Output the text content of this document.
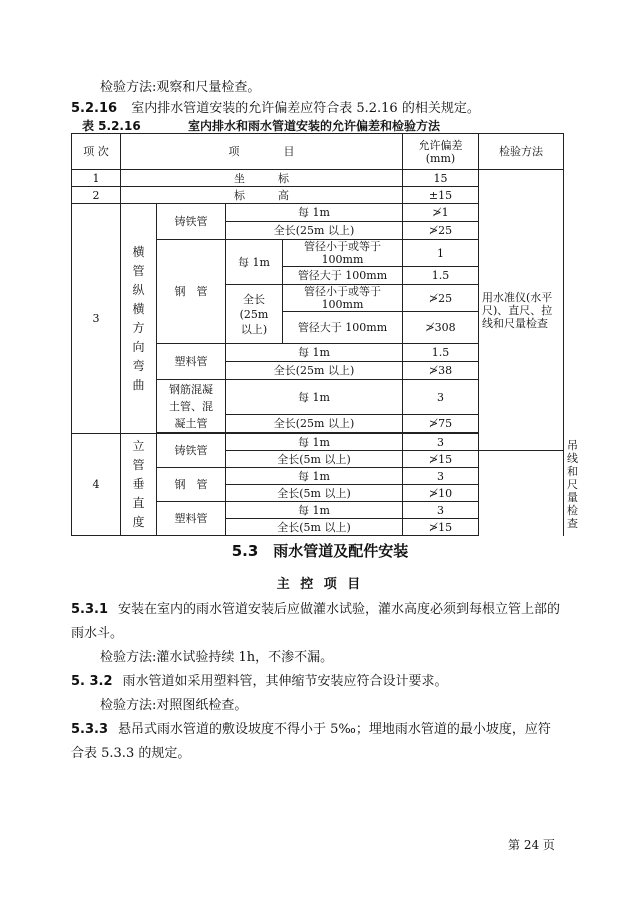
检验方法:观察和尺量检查。
5.2.16 室内排水管道安装的允许偏差应符合表 5.2.16 的相关规定。
表 5.2.16	室内排水和雨水管道安装的允许偏差和检验方法
项 次	项　　　　目				允许偏差 (mm)	检验方法	
1	坐　　　标				15	用水准仪(水平尺)、直尺、拉线和尺量检查	

2	标　　　高				±15		
3	横管纵横方向弯曲	铸铁管	每 1m		≯1		
			全长(25m 以上)		≯25		
		钢　管	每 1m	管径小于或等于 100mm	1		
				管径大于 100mm	1.5		

			全长 (25m 以上)	管径小于或等于 100mm	≯25		
				管径大于 100mm	≯308		
		塑料管	每 1m		1.5		
			全长(25m 以上)		≯38		

		钢筋混凝土管、混凝土管	每 1m		3		
			全长(25m 以上)		≯75		

4	立管垂直度	铸铁管	每 1m		3		吊线和尺量检查
			全长(5m 以上)		≯15		
		钢　管	每 1m		3		
			全长(5m 以上)		≯10		
		塑料管	每 1m		3		
			全长(5m 以上)		≯15		
5.3　雨水管道及配件安装
主 控 项 目
5.3.1 安装在室内的雨水管道安装后应做灌水试验，灌水高度必须到每根立管上部的雨水斗。
检验方法:灌水试验持续 1h，不渗不漏。
5. 3.2 雨水管道如采用塑料管，其伸缩节安装应符合设计要求。
检验方法:对照图纸检查。
5.3.3 悬吊式雨水管道的敷设坡度不得小于 5‰；埋地雨水管道的最小坡度，应符合表 5.3.3 的规定。
第 24 页
